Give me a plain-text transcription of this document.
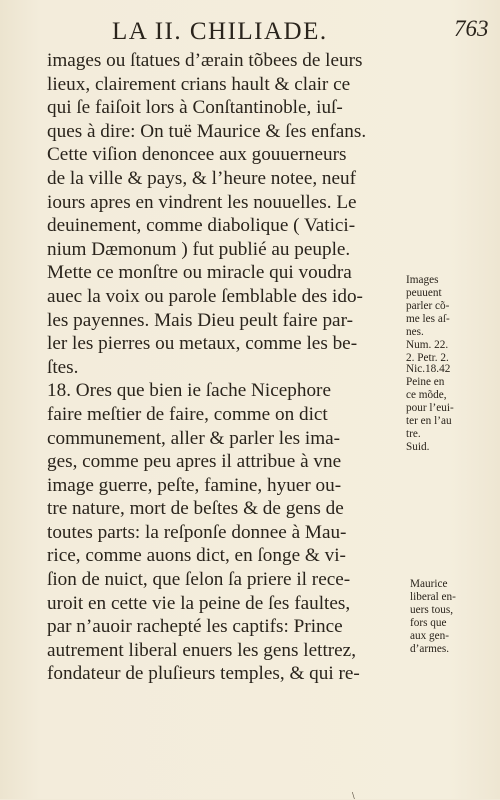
LA II. CHILIADE.	763
images ou ſtatues d’ærain tõbees de leurs
lieux, clairement crians hault & clair ce
qui ſe faiſoit lors à Conſtantinoble, iuſ-
ques à dire: On tuë Maurice & ſes enfans.
Cette viſion denoncee aux gouuerneurs
de la ville & pays, & l’heure notee, neuf
iours apres en vindrent les nouuelles. Le
deuinement, comme diabolique ( Vatici-
nium Dæmonum ) fut publié au peuple.
Mette ce monſtre ou miracle qui voudra
auec la voix ou parole ſemblable des ido-
les payennes. Mais Dieu peult faire par-
ler les pierres ou metaux, comme les be-
ſtes.
18. Ores que bien ie ſache Nicephore
faire meſtier de faire, comme on dict
communement, aller & parler les ima-
ges, comme peu apres il attribue à vne
image guerre, peſte, famine, hyuer ou-
tre nature, mort de beſtes & de gens de
toutes parts: la reſponſe donnee à Mau-
rice, comme auons dict, en ſonge & vi-
ſion de nuict, que ſelon ſa priere il rece-
uroit en cette vie la peine de ſes faultes,
par n’auoir rachepté les captifs: Prince
autrement liberal enuers les gens lettrez,
fondateur de pluſieurs temples, & qui re-
Images
peuuent
parler cõ-
me les aſ-
nes.
Num. 22.
2. Petr. 2.
Nic.18.42
Peine en
ce mõde,
pour l’eui-
ter en l’au
tre.
Suid.
Maurice
liberal en-
uers tous,
fors que
aux gen-
d’armes.
\
